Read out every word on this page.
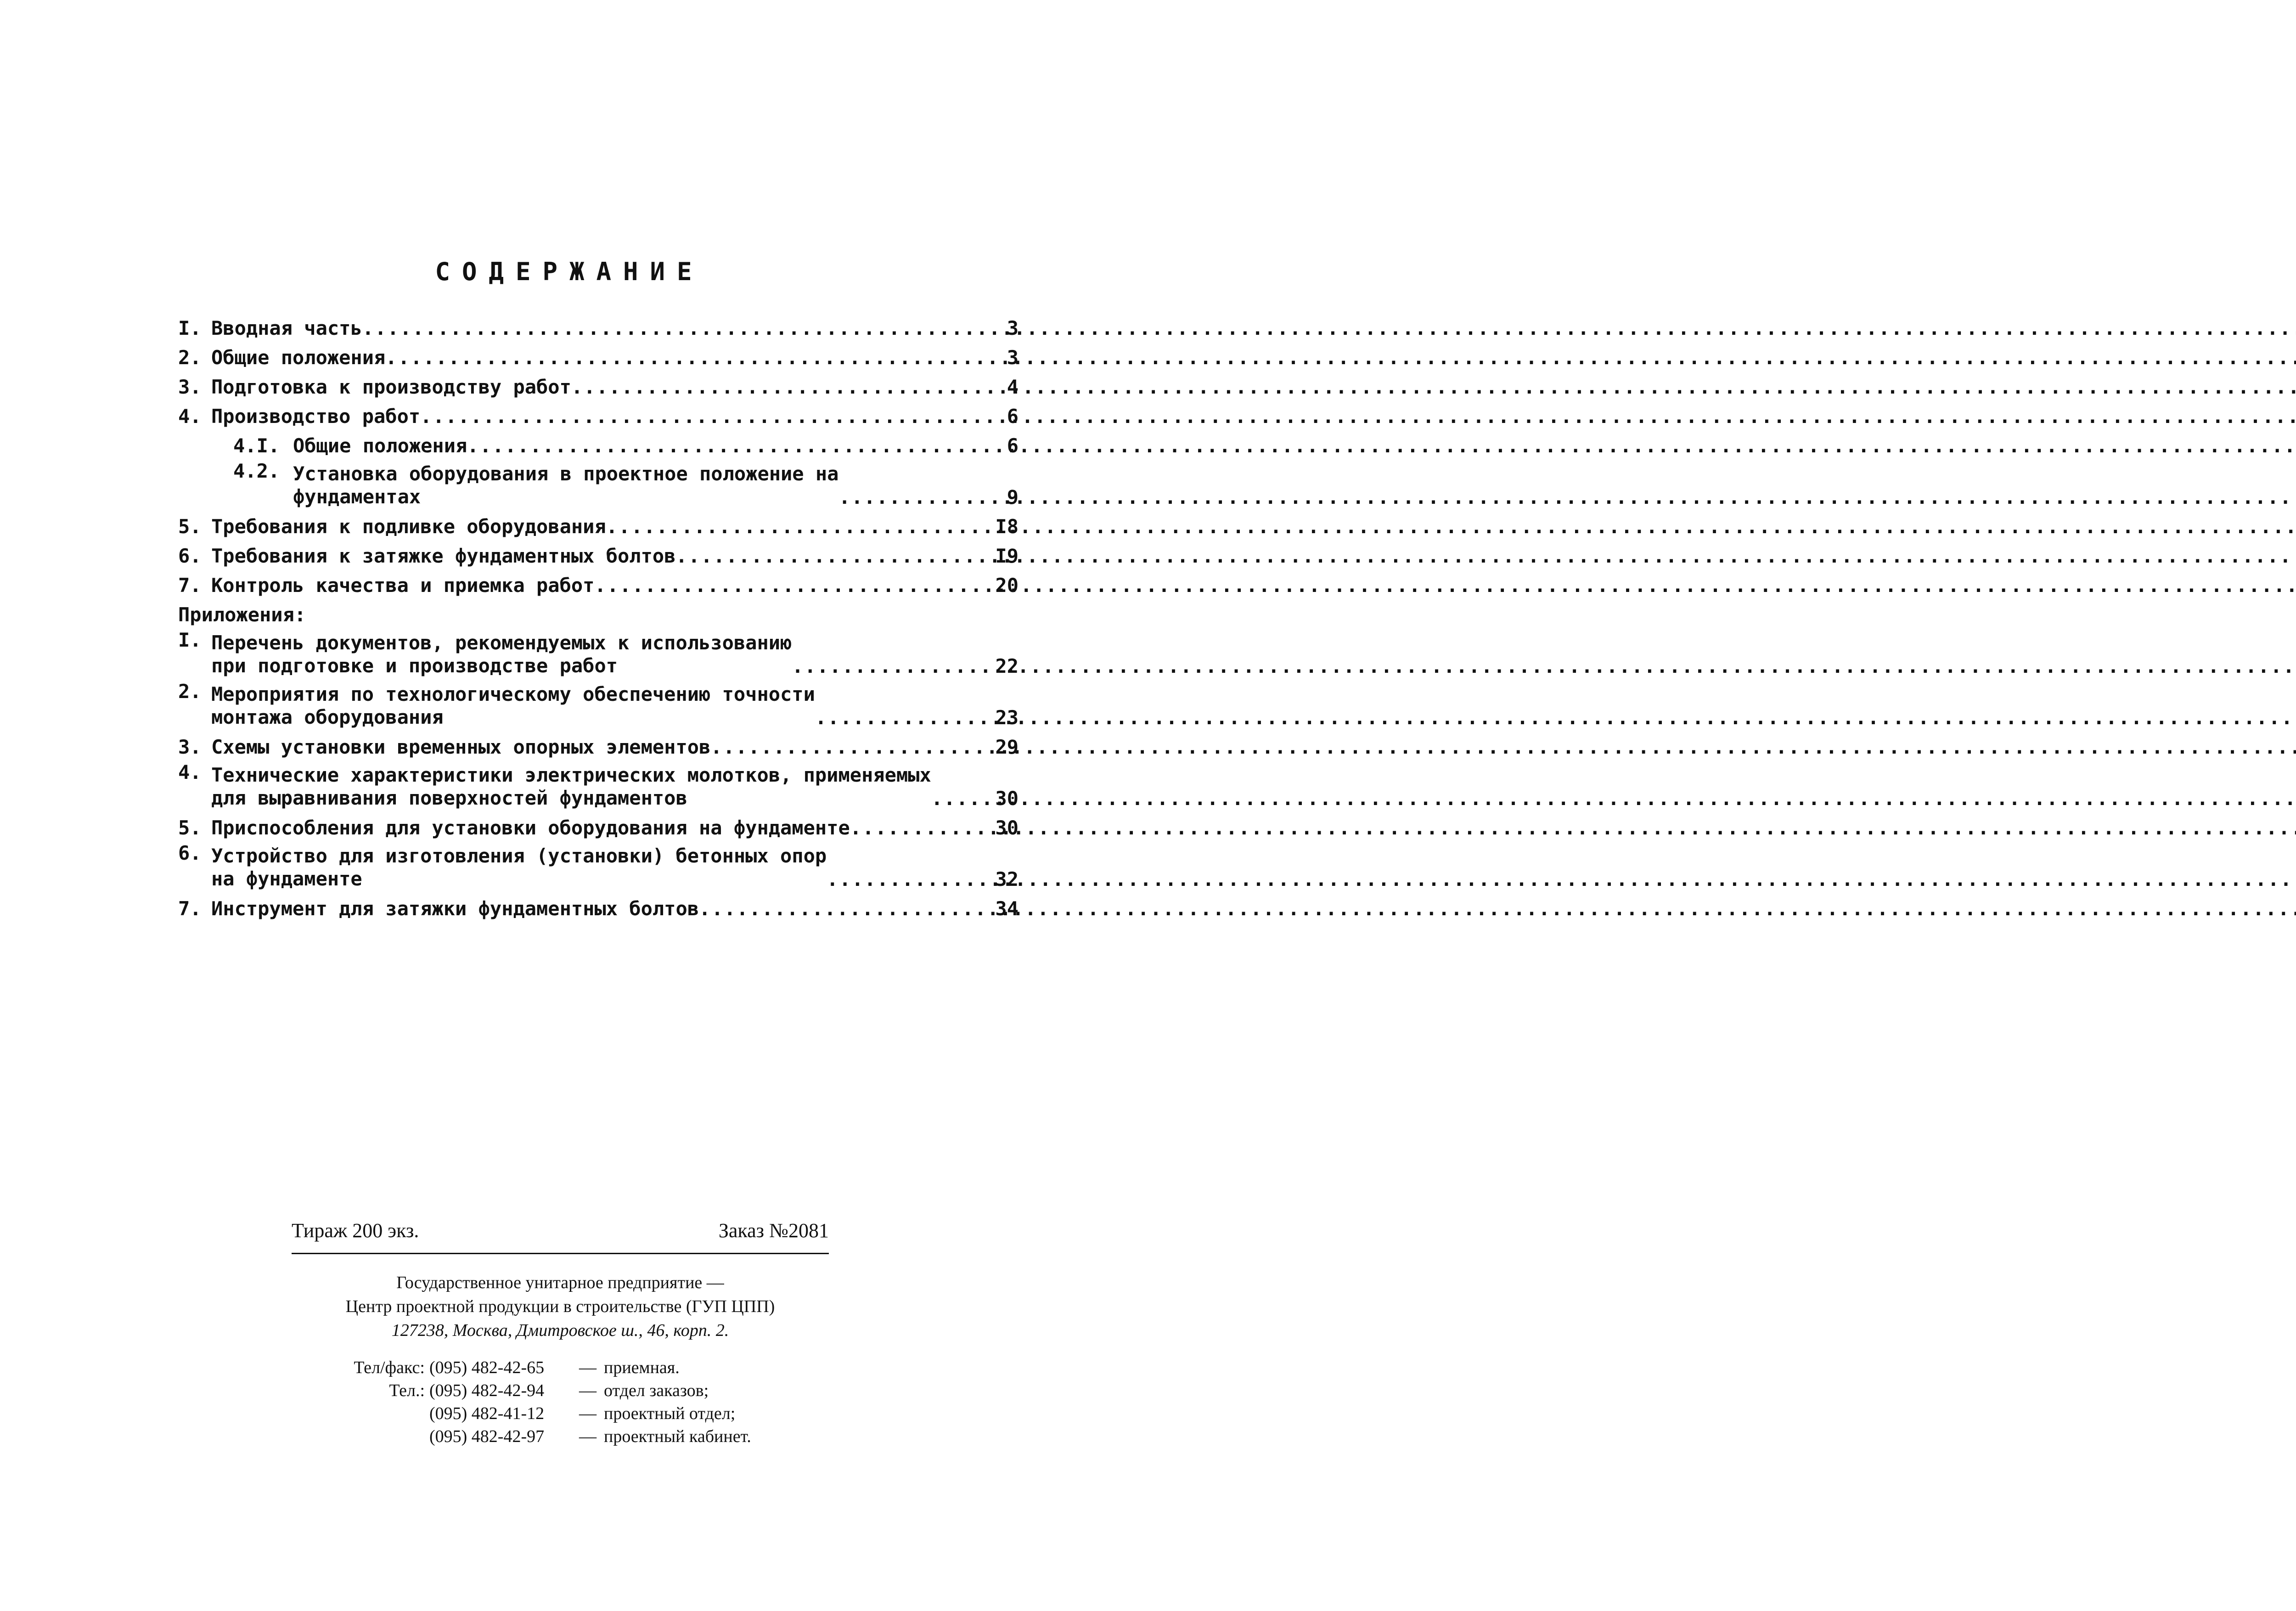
СОДЕРЖАНИЕ
I. Вводная часть .....	3
2. Общие положения .....	3
3. Подготовка к производству работ .....	4
4. Производство работ .....	6
4.I. Общие положения .....	6
4.2. Установка оборудования в проектное положение на
фундаментах .....	9
5. Требования к подливке оборудования .....	I8
6. Требования к затяжке фундаментных болтов .....	I9
7. Контроль качества и приемка работ .....	20
Приложения:
I. Перечень документов, рекомендуемых к использованию
при подготовке и производстве работ .....	22
2. Мероприятия по технологическому обеспечению точности
монтажа оборудования .....	23
3. Схемы установки временных опорных элементов .....	29
4. Технические характеристики электрических молотков, применяемых
для выравнивания поверхностей фундаментов .....	30
5. Приспособления для установки оборудования на фундаменте .....	30
6. Устройство для изготовления (установки) бетонных опор
на фундаменте .....	32
7. Инструмент для затяжки фундаментных болтов .....	34
Тираж 200 экз.	Заказ №2081
Государственное унитарное предприятие —
Центр проектной продукции в строительстве (ГУП ЦПП)
127238, Москва, Дмитровское ш., 46, корп. 2.
Тел/факс: (095) 482-42-65	— приемная.
Тел.: (095) 482-42-94	— отдел заказов;
(095) 482-41-12	— проектный отдел;
(095) 482-42-97	— проектный кабинет.
